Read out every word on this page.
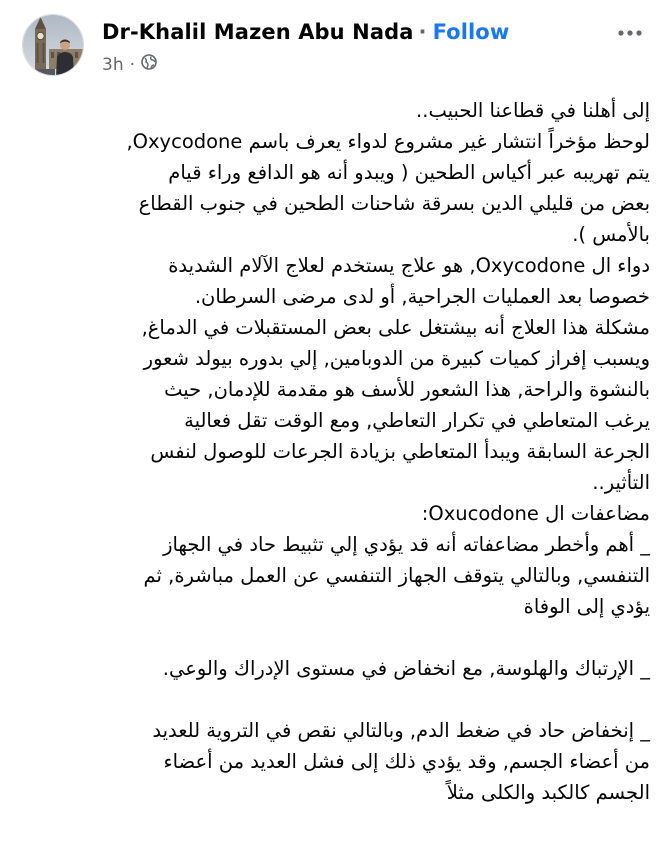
Dr-Khalil Mazen Abu Nada · Follow
3h ·
إلى أهلنا في قطاعنا الحبيب..
لوحظ مؤخراً انتشار غير مشروع لدواء يعرف باسم Oxycodone,
يتم تهريبه عبر أكياس الطحين ( ويبدو أنه هو الدافع وراء قيام
بعض من قليلي الدين بسرقة شاحنات الطحين في جنوب القطاع
بالأمس ).
دواء ال Oxycodone, هو علاج يستخدم لعلاج الآلام الشديدة
خصوصا بعد العمليات الجراحية, أو لدى مرضى السرطان.
مشكلة هذا العلاج أنه بيشتغل على بعض المستقبلات في الدماغ,
ويسبب إفراز كميات كبيرة من الدوبامين, إلي بدوره بيولد شعور
بالنشوة والراحة, هذا الشعور للأسف هو مقدمة للإدمان, حيث
يرغب المتعاطي في تكرار التعاطي, ومع الوقت تقل فعالية
الجرعة السابقة ويبدأ المتعاطي بزيادة الجرعات للوصول لنفس
التأثير..
مضاعفات ال Oxucodone:
_ أهم وأخطر مضاعفاته أنه قد يؤدي إلي تثبيط حاد في الجهاز
التنفسي, وبالتالي يتوقف الجهاز التنفسي عن العمل مباشرة, ثم
يؤدي إلى الوفاة
_ الإرتباك والهلوسة, مع انخفاض في مستوى الإدراك والوعي.
_ إنخفاض حاد في ضغط الدم, وبالتالي نقص في التروية للعديد
من أعضاء الجسم, وقد يؤدي ذلك إلى فشل العديد من أعضاء
الجسم كالكبد والكلى مثلاً
